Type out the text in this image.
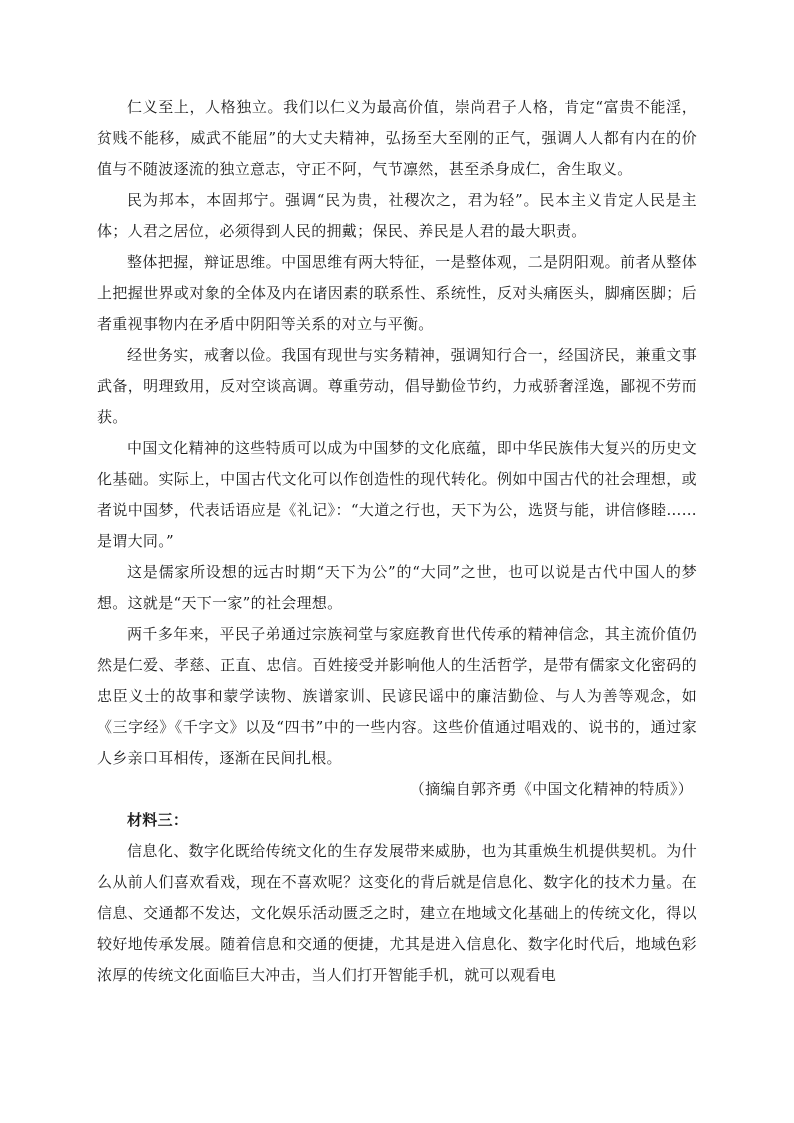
仁义至上，人格独立。我们以仁义为最高价值，崇尚君子人格，肯定“富贵不能淫，贫贱不能移，威武不能屈”的大丈夫精神，弘扬至大至刚的正气，强调人人都有内在的价值与不随波逐流的独立意志，守正不阿，气节凛然，甚至杀身成仁，舍生取义。

民为邦本，本固邦宁。强调“民为贵，社稷次之，君为轻”。民本主义肯定人民是主体；人君之居位，必须得到人民的拥戴；保民、养民是人君的最大职责。

整体把握，辩证思维。中国思维有两大特征，一是整体观，二是阴阳观。前者从整体上把握世界或对象的全体及内在诸因素的联系性、系统性，反对头痛医头，脚痛医脚；后者重视事物内在矛盾中阴阳等关系的对立与平衡。

经世务实，戒奢以俭。我国有现世与实务精神，强调知行合一，经国济民，兼重文事武备，明理致用，反对空谈高调。尊重劳动，倡导勤俭节约，力戒骄奢淫逸，鄙视不劳而获。

中国文化精神的这些特质可以成为中国梦的文化底蕴，即中华民族伟大复兴的历史文化基础。实际上，中国古代文化可以作创造性的现代转化。例如中国古代的社会理想，或者说中国梦，代表话语应是《礼记》：“大道之行也，天下为公，选贤与能，讲信修睦……是谓大同。”

这是儒家所设想的远古时期“天下为公”的“大同”之世，也可以说是古代中国人的梦想。这就是“天下一家”的社会理想。

两千多年来，平民子弟通过宗族祠堂与家庭教育世代传承的精神信念，其主流价值仍然是仁爱、孝慈、正直、忠信。百姓接受并影响他人的生活哲学，是带有儒家文化密码的忠臣义士的故事和蒙学读物、族谱家训、民谚民谣中的廉洁勤俭、与人为善等观念，如《三字经》《千字文》以及“四书”中的一些内容。这些价值通过唱戏的、说书的，通过家人乡亲口耳相传，逐渐在民间扎根。

（摘编自郭齐勇《中国文化精神的特质》）

材料三：

信息化、数字化既给传统文化的生存发展带来威胁，也为其重焕生机提供契机。为什么从前人们喜欢看戏，现在不喜欢呢？这变化的背后就是信息化、数字化的技术力量。在信息、交通都不发达，文化娱乐活动匮乏之时，建立在地域文化基础上的传统文化，得以较好地传承发展。随着信息和交通的便捷，尤其是进入信息化、数字化时代后，地域色彩浓厚的传统文化面临巨大冲击，当人们打开智能手机，就可以观看电
